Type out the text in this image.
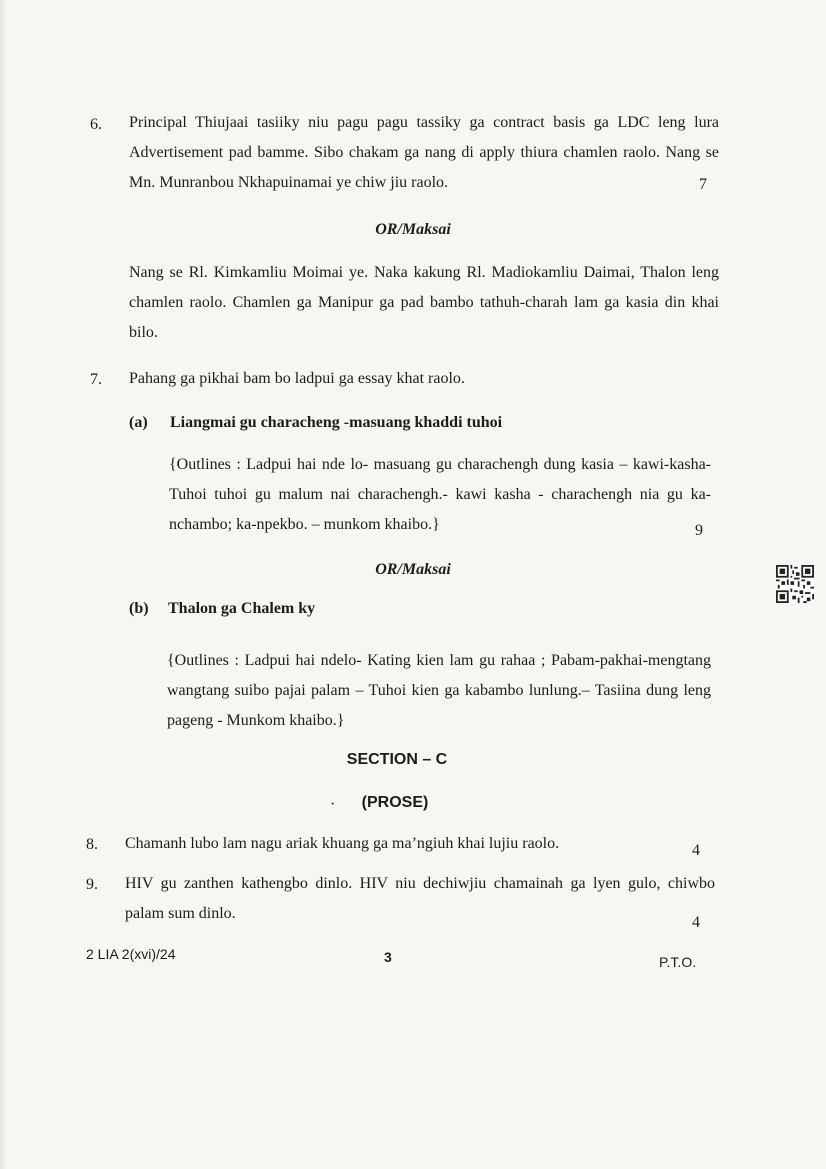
6. Principal Thiujaai tasiiky niu pagu pagu tassiky ga contract basis ga LDC leng lura Advertisement pad bamme. Sibo chakam ga nang di apply thiura chamlen raolo. Nang se Mn. Munranbou Nkhapuinamai ye chiw jiu raolo.	7
OR/Maksai
Nang se Rl. Kimkamliu Moimai ye. Naka kakung Rl. Madiokamliu Daimai, Thalon leng chamlen raolo. Chamlen ga Manipur ga pad bambo tathuh-charah lam ga kasia din khai bilo.
7. Pahang ga pikhai bam bo ladpui ga essay khat raolo.
(a) Liangmai gu characheng -masuang khaddi tuhoi
{Outlines : Ladpui hai nde lo- masuang gu charachengh dung kasia – kawi-kasha-Tuhoi tuhoi gu malum nai charachengh.- kawi kasha - charachengh nia gu ka-nchambo; ka-npekbo. – munkom khaibo.}	9
OR/Maksai
(b) Thalon ga Chalem ky
{Outlines : Ladpui hai ndelo- Kating kien lam gu rahaa ; Pabam-pakhai-mengtang wangtang suibo pajai palam – Tuhoi kien ga kabambo lunlung.– Tasiina dung leng pageng - Munkom khaibo.}
SECTION – C
·	(PROSE)
8. Chamanh lubo lam nagu ariak khuang ga ma’ngiuh khai lujiu raolo.	4
9. HIV gu zanthen kathengbo dinlo. HIV niu dechiwjiu chamainah ga lyen gulo, chiwbo palam sum dinlo.
4
2 LIA 2(xvi)/24	3	P.T.O.
